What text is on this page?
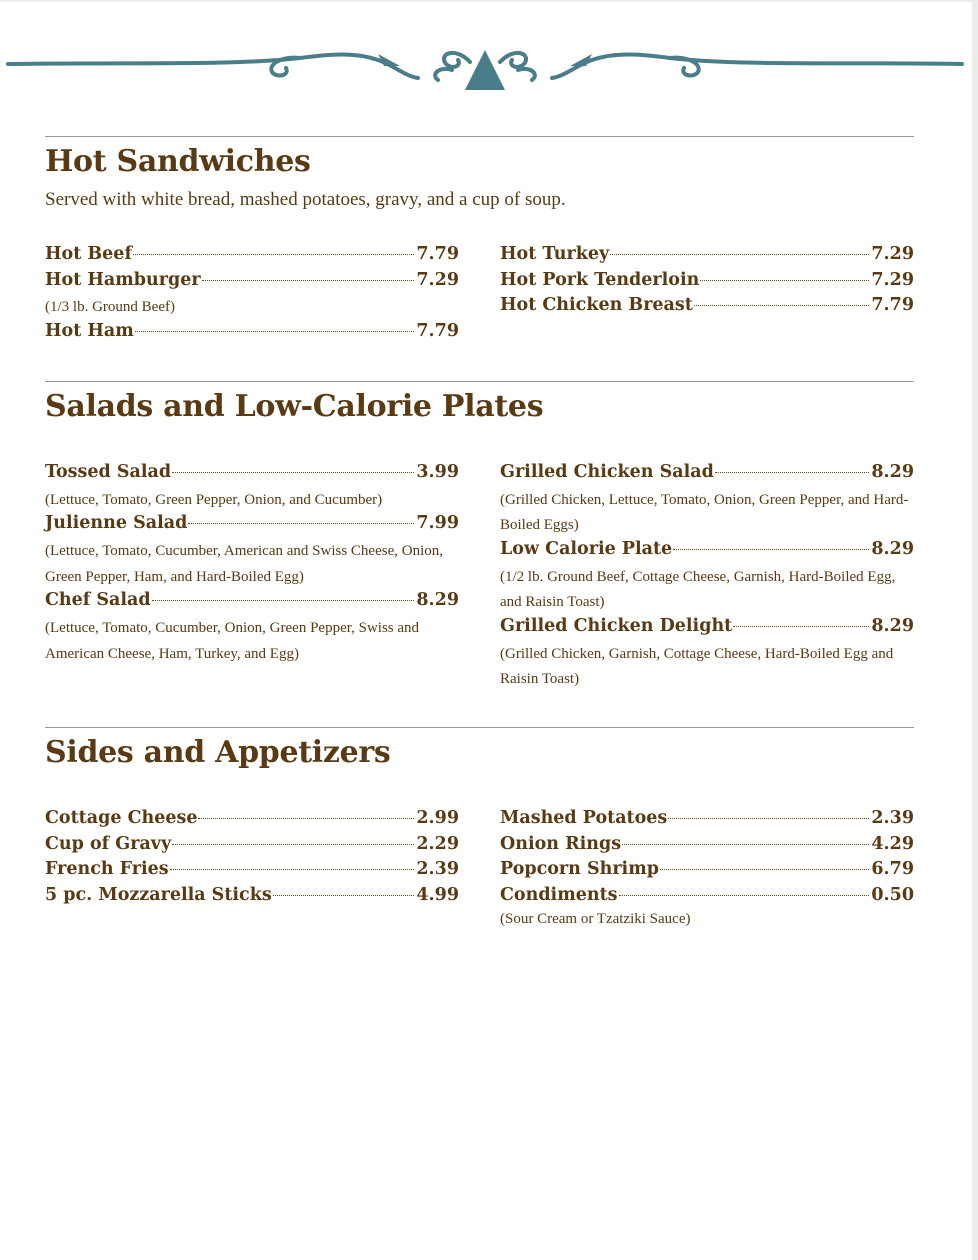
Hot Sandwiches
Served with white bread, mashed potatoes, gravy, and a cup of soup.
Hot Beef	7.79
Hot Hamburger	7.29
(1/3 lb. Ground Beef)
Hot Ham	7.79
Hot Turkey	7.29
Hot Pork Tenderloin	7.29
Hot Chicken Breast	7.79
Salads and Low-Calorie Plates
Tossed Salad	3.99
(Lettuce, Tomato, Green Pepper, Onion, and Cucumber)
Julienne Salad	7.99
(Lettuce, Tomato, Cucumber, American and Swiss Cheese, Onion, Green Pepper, Ham, and Hard-Boiled Egg)
Chef Salad	8.29
(Lettuce, Tomato, Cucumber, Onion, Green Pepper, Swiss and American Cheese, Ham, Turkey, and Egg)
Grilled Chicken Salad	8.29
(Grilled Chicken, Lettuce, Tomato, Onion, Green Pepper, and Hard-Boiled Eggs)
Low Calorie Plate	8.29
(1/2 lb. Ground Beef, Cottage Cheese, Garnish, Hard-Boiled Egg, and Raisin Toast)
Grilled Chicken Delight	8.29
(Grilled Chicken, Garnish, Cottage Cheese, Hard-Boiled Egg and Raisin Toast)
Sides and Appetizers
Cottage Cheese	2.99
Cup of Gravy	2.29
French Fries	2.39
5 pc. Mozzarella Sticks	4.99
Mashed Potatoes	2.39
Onion Rings	4.29
Popcorn Shrimp	6.79
Condiments	0.50
(Sour Cream or Tzatziki Sauce)
